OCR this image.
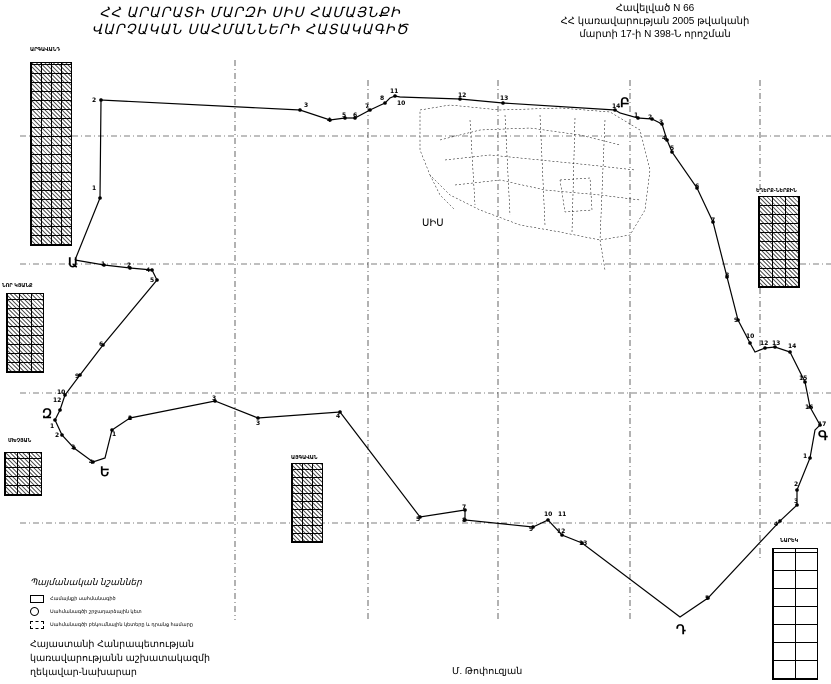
ՀՀ ԱՐԱՐԱՏԻ ՄԱՐԶԻ ՍԻՍ ՀԱՄԱՅՆՔԻ
ՎԱՐՉԱԿԱՆ ՍԱՀՄԱՆՆԵՐԻ ՀԱՏԱԿԱԳԻԾ
Հավելված N 66
ՀՀ կառավարության 2005 թվականի
մարտի 17-ի N 398-Ն որոշման
2
1
3
4
5 6
7
8
11
10
12	13
14
1 2
3
4
5
6
7
8
9
10
12 13 14
15
16
17
1
2
3
4
5
13
12
10 11
9
8
7
5
4
3
3
2
1
4
3
2
1
12
10
9
6
5
4
2
1
Ա
Բ
Գ
Դ
Ե
Զ
ՍԻՍ
ԱՐԳԱՎԱՆԴ
ԵՂԵՐՔ-ՆԵՐՔԻՆ
ՆՈՐ ԿՅԱՆՔ
ՄԽՉՅԱՆ
ԱՅԳԱՎԱՆ
ՆԱՐԵԿ
Պայմանական նշաններ
Համայնքի սահմանագիծ
Սահմանագծի շրջադարձային կետ
Սահմանագծի բեկումնային կետերը և դրանց համարը
Հայաստանի Հանրապետության
կառավարությանն աշխատակազմի
ղեկավար-նախարար	Մ. Թոփուզյան
